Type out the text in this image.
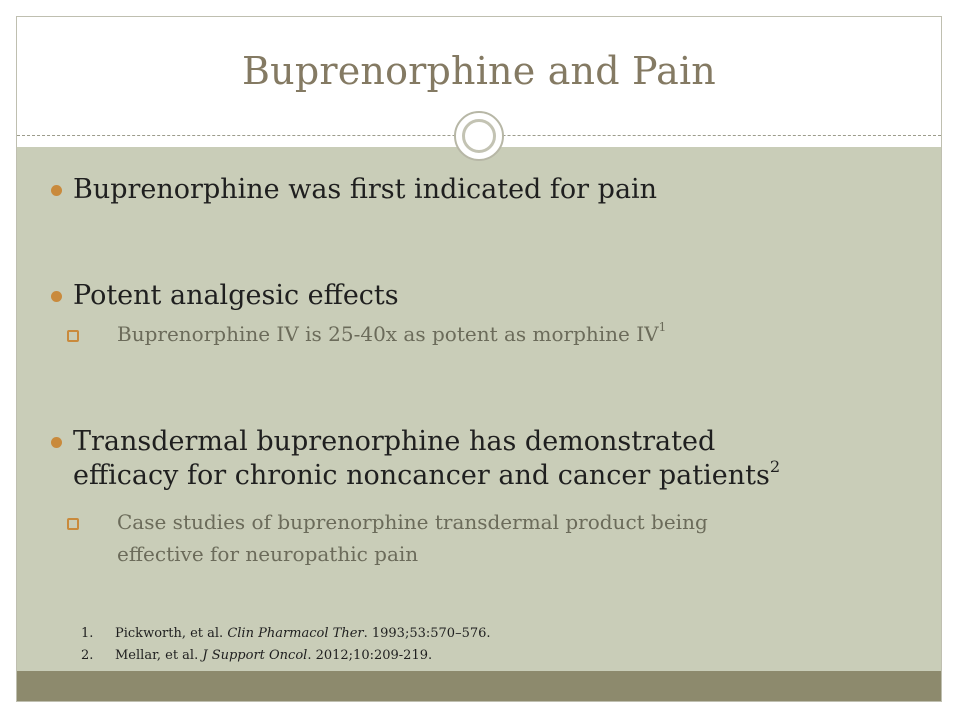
Buprenorphine and Pain
Buprenorphine was first indicated for pain
Potent analgesic effects
Buprenorphine IV is 25-40x as potent as morphine $IV^1$
Transdermal buprenorphine has demonstrated
efficacy for chronic noncancer and cancer patients$^2$
Case studies of buprenorphine transdermal product being
effective for neuropathic pain
1. Pickworth, et al. Clin Pharmacol Ther. 1993;53:570–576.
2. Mellar, et al. J Support Oncol. 2012;10:209-219.
